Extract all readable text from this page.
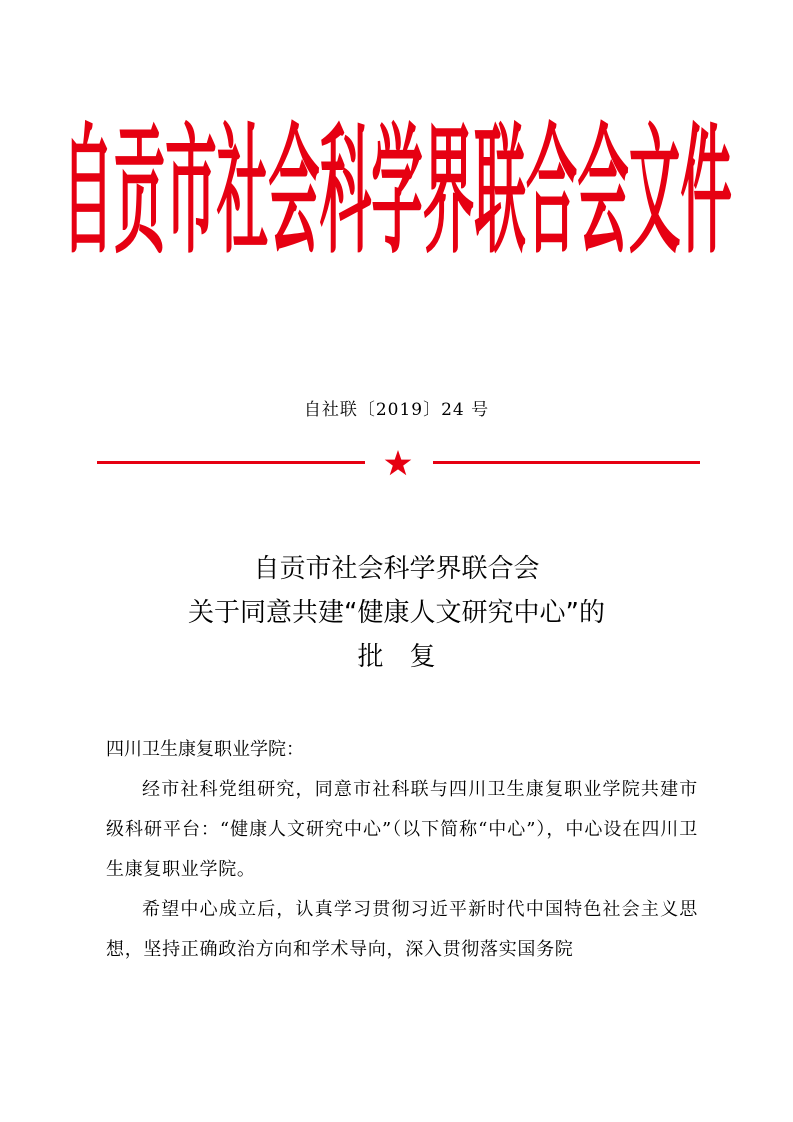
自贡市社会科学界联合会文件
自社联〔2019〕24 号
自贡市社会科学界联合会
关于同意共建“健康人文研究中心”的
批复
四川卫生康复职业学院：
经市社科党组研究，同意市社科联与四川卫生康复职业学院共建市级科研平台：“健康人文研究中心”（以下简称“中心”），中心设在四川卫生康复职业学院。
希望中心成立后，认真学习贯彻习近平新时代中国特色社会主义思想，坚持正确政治方向和学术导向，深入贯彻落实国务院
